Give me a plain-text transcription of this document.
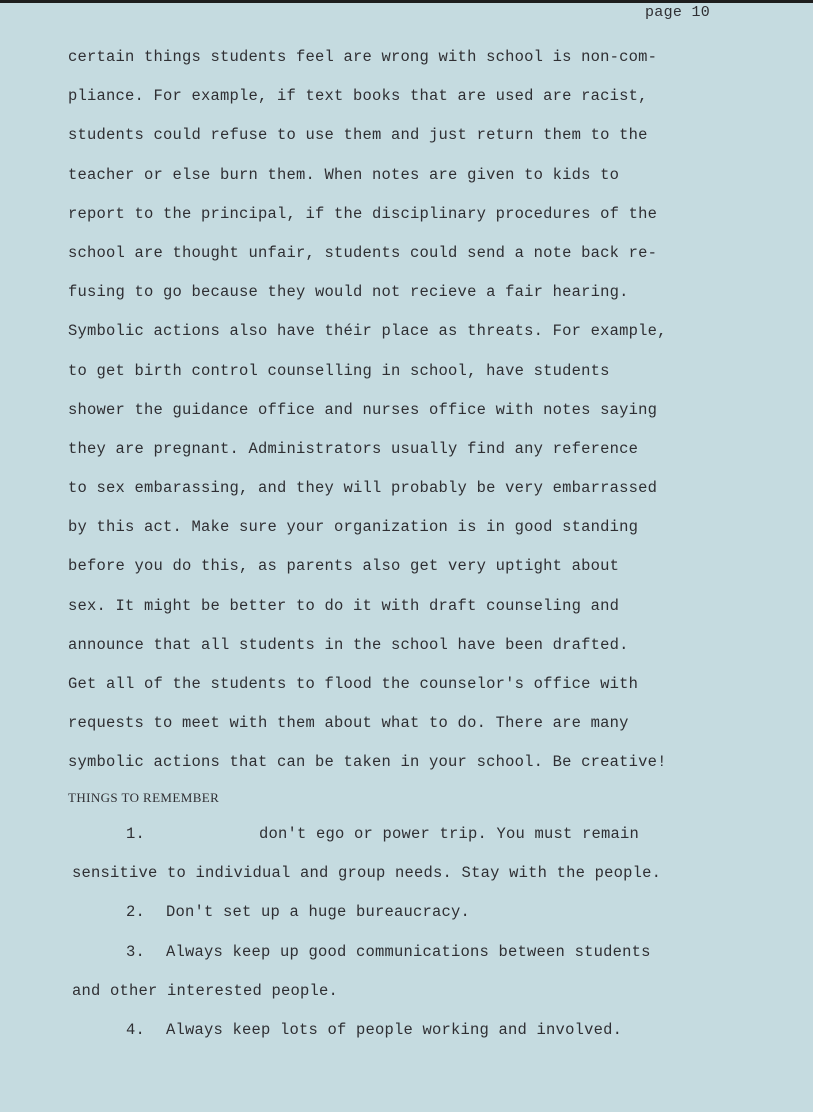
page 10
certain things students feel are wrong with school is non-com-
pliance. For example, if text books that are used are racist,
students could refuse to use them and just return them to the
teacher or else burn them. When notes are given to kids to
report to the principal, if the disciplinary procedures of the
school are thought unfair, students could send a note back re-
fusing to go because they would not recieve a fair hearing.
Symbolic actions also have théir place as threats. For example,
to get birth control counselling in school, have students
shower the guidance office and nurses office with notes saying
they are pregnant. Administrators usually find any reference
to sex embarassing, and they will probably be very embarrassed
by this act. Make sure your organization is in good standing
before you do this, as parents also get very uptight about
sex. It might be better to do it with draft counseling and
announce that all students in the school have been drafted.
Get all of the students to flood the counselor's office with
requests to meet with them about what to do. There are many
symbolic actions that can be taken in your school. Be creative!
THINGS TO REMEMBER
1.	don't ego or power trip. You must remain
sensitive to individual and group needs. Stay with the people.
2. Don't set up a huge bureaucracy.
3. Always keep up good communications between students
and other interested people.
4. Always keep lots of people working and involved.
